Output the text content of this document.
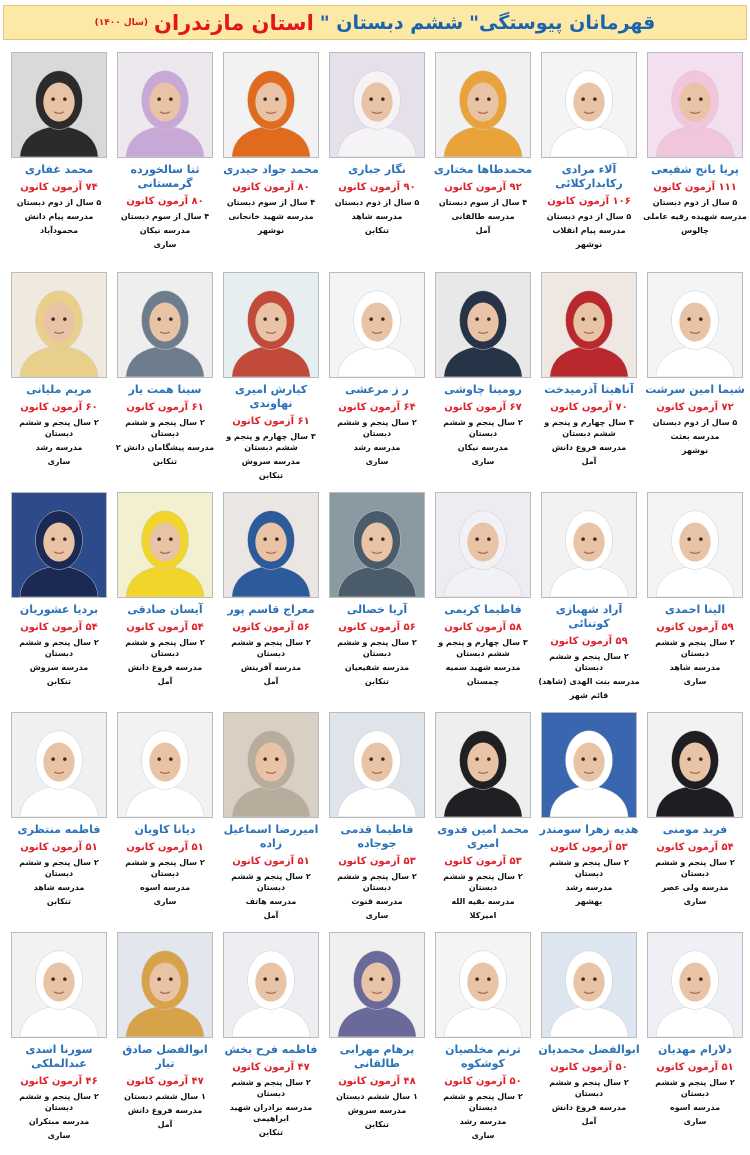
قهرمانان پیوستگی"
ششم دبستان "
استان مازندران
(سال ۱۴۰۰)
پریا بانج شفیعی
۱۱۱ آزمون کانون
۵ سال از دوم دبستان
مدرسه شهیده رقیه عاملی
چالوس
آلاء مرادی رکابدارکلائی
۱۰۶ آزمون کانون
۵ سال از دوم دبستان
مدرسه پیام انقلاب
نوشهر
محمدطاها مختاری
۹۲ آزمون کانون
۴ سال از سوم دبستان
مدرسه طالقانی
آمل
نگار جباری
۹۰ آزمون کانون
۵ سال از دوم دبستان
مدرسه شاهد
تنکابن
محمد جواد حیدری
۸۰ آزمون کانون
۴ سال از سوم دبستان
مدرسه شهید خانجانی
نوشهر
ثنا سالخورده گرمستانی
۸۰ آزمون کانون
۴ سال از سوم دبستان
مدرسه نیکان
ساری
محمد غفاری
۷۴ آزمون کانون
۵ سال از دوم دبستان
مدرسه پیام دانش
محمودآباد
شیما امین سرشت
۷۲ آزمون کانون
۵ سال از دوم دبستان
مدرسه بعثت
نوشهر
آناهیتا آذرمیدخت
۷۰ آزمون کانون
۳ سال چهارم و پنجم و ششم دبستان
مدرسه فروغ دانش
آمل
رومینا چاوشی
۶۷ آزمون کانون
۲ سال پنجم و ششم دبستان
مدرسه نیکان
ساری
ر ز مرعشی
۶۴ آزمون کانون
۲ سال پنجم و ششم دبستان
مدرسه رشد
ساری
کیارش امیری نهاوندی
۶۱ آزمون کانون
۳ سال چهارم و پنجم و ششم دبستان
مدرسه سروش
تنکابن
سینا همت یار
۶۱ آزمون کانون
۲ سال پنجم و ششم دبستان
مدرسه پیشگامان دانش ۲
تنکابن
مریم ملیانی
۶۰ آزمون کانون
۲ سال پنجم و ششم دبستان
مدرسه رشد
ساری
الینا احمدی
۵۹ آزمون کانون
۲ سال پنجم و ششم دبستان
مدرسه شاهد
ساری
آراد شهبازی کوتنائی
۵۹ آزمون کانون
۲ سال پنجم و ششم دبستان
مدرسه بنت الهدی (شاهد)
قائم شهر
فاطیما کریمی
۵۸ آزمون کانون
۳ سال چهارم و پنجم و ششم دبستان
مدرسه شهید سمیه
چمستان
آریا خصالی
۵۶ آزمون کانون
۲ سال پنجم و ششم دبستان
مدرسه شفیعیان
تنکابن
معراج قاسم پور
۵۶ آزمون کانون
۲ سال پنجم و ششم دبستان
مدرسه آفرینش
آمل
آیسان صادقی
۵۴ آزمون کانون
۲ سال پنجم و ششم دبستان
مدرسه فروغ دانش
آمل
بردیا عشوریان
۵۴ آزمون کانون
۲ سال پنجم و ششم دبستان
مدرسه سروش
تنکابن
فربد مومنی
۵۴ آزمون کانون
۲ سال پنجم و ششم دبستان
مدرسه ولی عصر
ساری
هدیه زهرا سومندر
۵۳ آزمون کانون
۲ سال پنجم و ششم دبستان
مدرسه رشد
بهشهر
محمد امین فدوی امیری
۵۳ آزمون کانون
۲ سال پنجم و ششم دبستان
مدرسه بقیه الله
امیرکلا
فاطیما قدمی جوجاده
۵۳ آزمون کانون
۲ سال پنجم و ششم دبستان
مدرسه قنوت
ساری
امیررضا اسماعیل زاده
۵۱ آزمون کانون
۲ سال پنجم و ششم دبستان
مدرسه هاتف
آمل
دیانا کاویان
۵۱ آزمون کانون
۲ سال پنجم و ششم دبستان
مدرسه اسوه
ساری
فاطمه منتظری
۵۱ آزمون کانون
۲ سال پنجم و ششم دبستان
مدرسه شاهد
تنکابن
دلارام مهدیان
۵۱ آزمون کانون
۲ سال پنجم و ششم دبستان
مدرسه اسوه
ساری
ابوالفضل محمدیان
۵۰ آزمون کانون
۲ سال پنجم و ششم دبستان
مدرسه فروغ دانش
آمل
ترنم مخلصیان کوشکوه
۵۰ آزمون کانون
۲ سال پنجم و ششم دبستان
مدرسه رشد
ساری
پرهام مهرابی طالقانی
۴۸ آزمون کانون
۱ سال ششم دبستان
مدرسه سروش
تنکابن
فاطمه فرح بخش
۴۷ آزمون کانون
۲ سال پنجم و ششم دبستان
مدرسه برادران شهید ابراهیمی
تنکابن
ابوالفضل صادق تبار
۴۷ آزمون کانون
۱ سال ششم دبستان
مدرسه فروغ دانش
آمل
سورنا اسدی عبدالملکی
۴۶ آزمون کانون
۲ سال پنجم و ششم دبستان
مدرسه مبتکران
ساری
